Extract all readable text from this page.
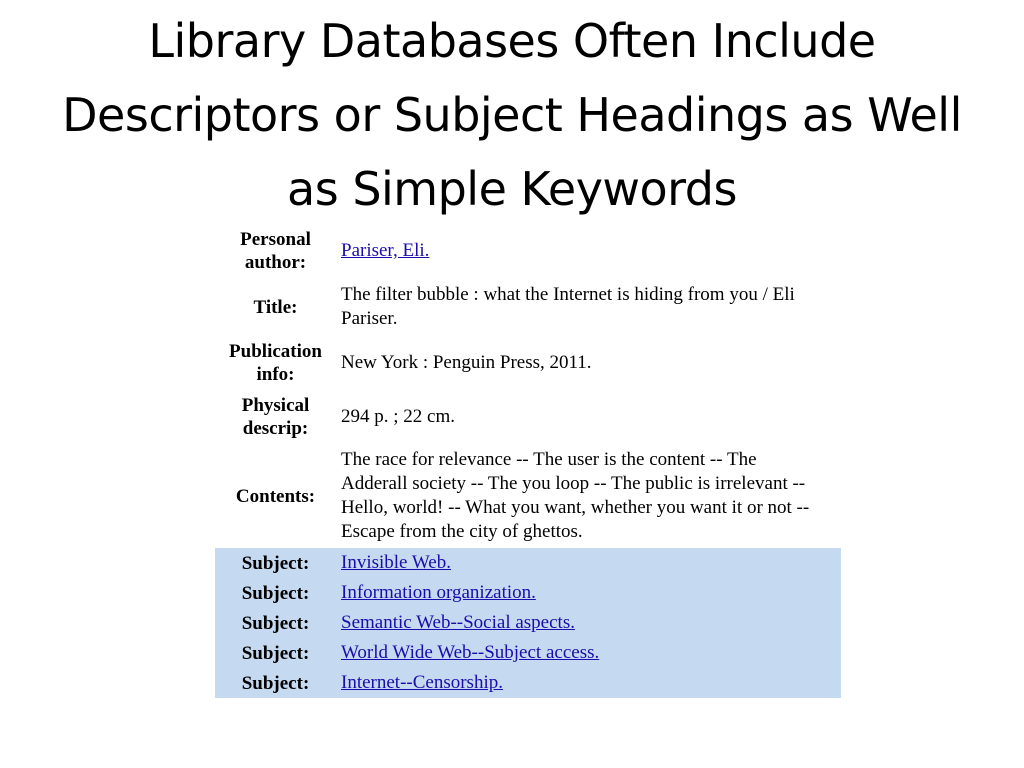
Library Databases Often Include Descriptors or Subject Headings as Well as Simple Keywords
Personal author:	Pariser, Eli.
Title:	The filter bubble : what the Internet is hiding from you / Eli Pariser.
Publication info:	New York : Penguin Press, 2011.
Physical descrip:	294 p. ; 22 cm.
Contents:	The race for relevance -- The user is the content -- The Adderall society -- The you loop -- The public is irrelevant -- Hello, world! -- What you want, whether you want it or not -- Escape from the city of ghettos.
Subject:	Invisible Web.
Subject:	Information organization.
Subject:	Semantic Web--Social aspects.
Subject:	World Wide Web--Subject access.
Subject:	Internet--Censorship.
